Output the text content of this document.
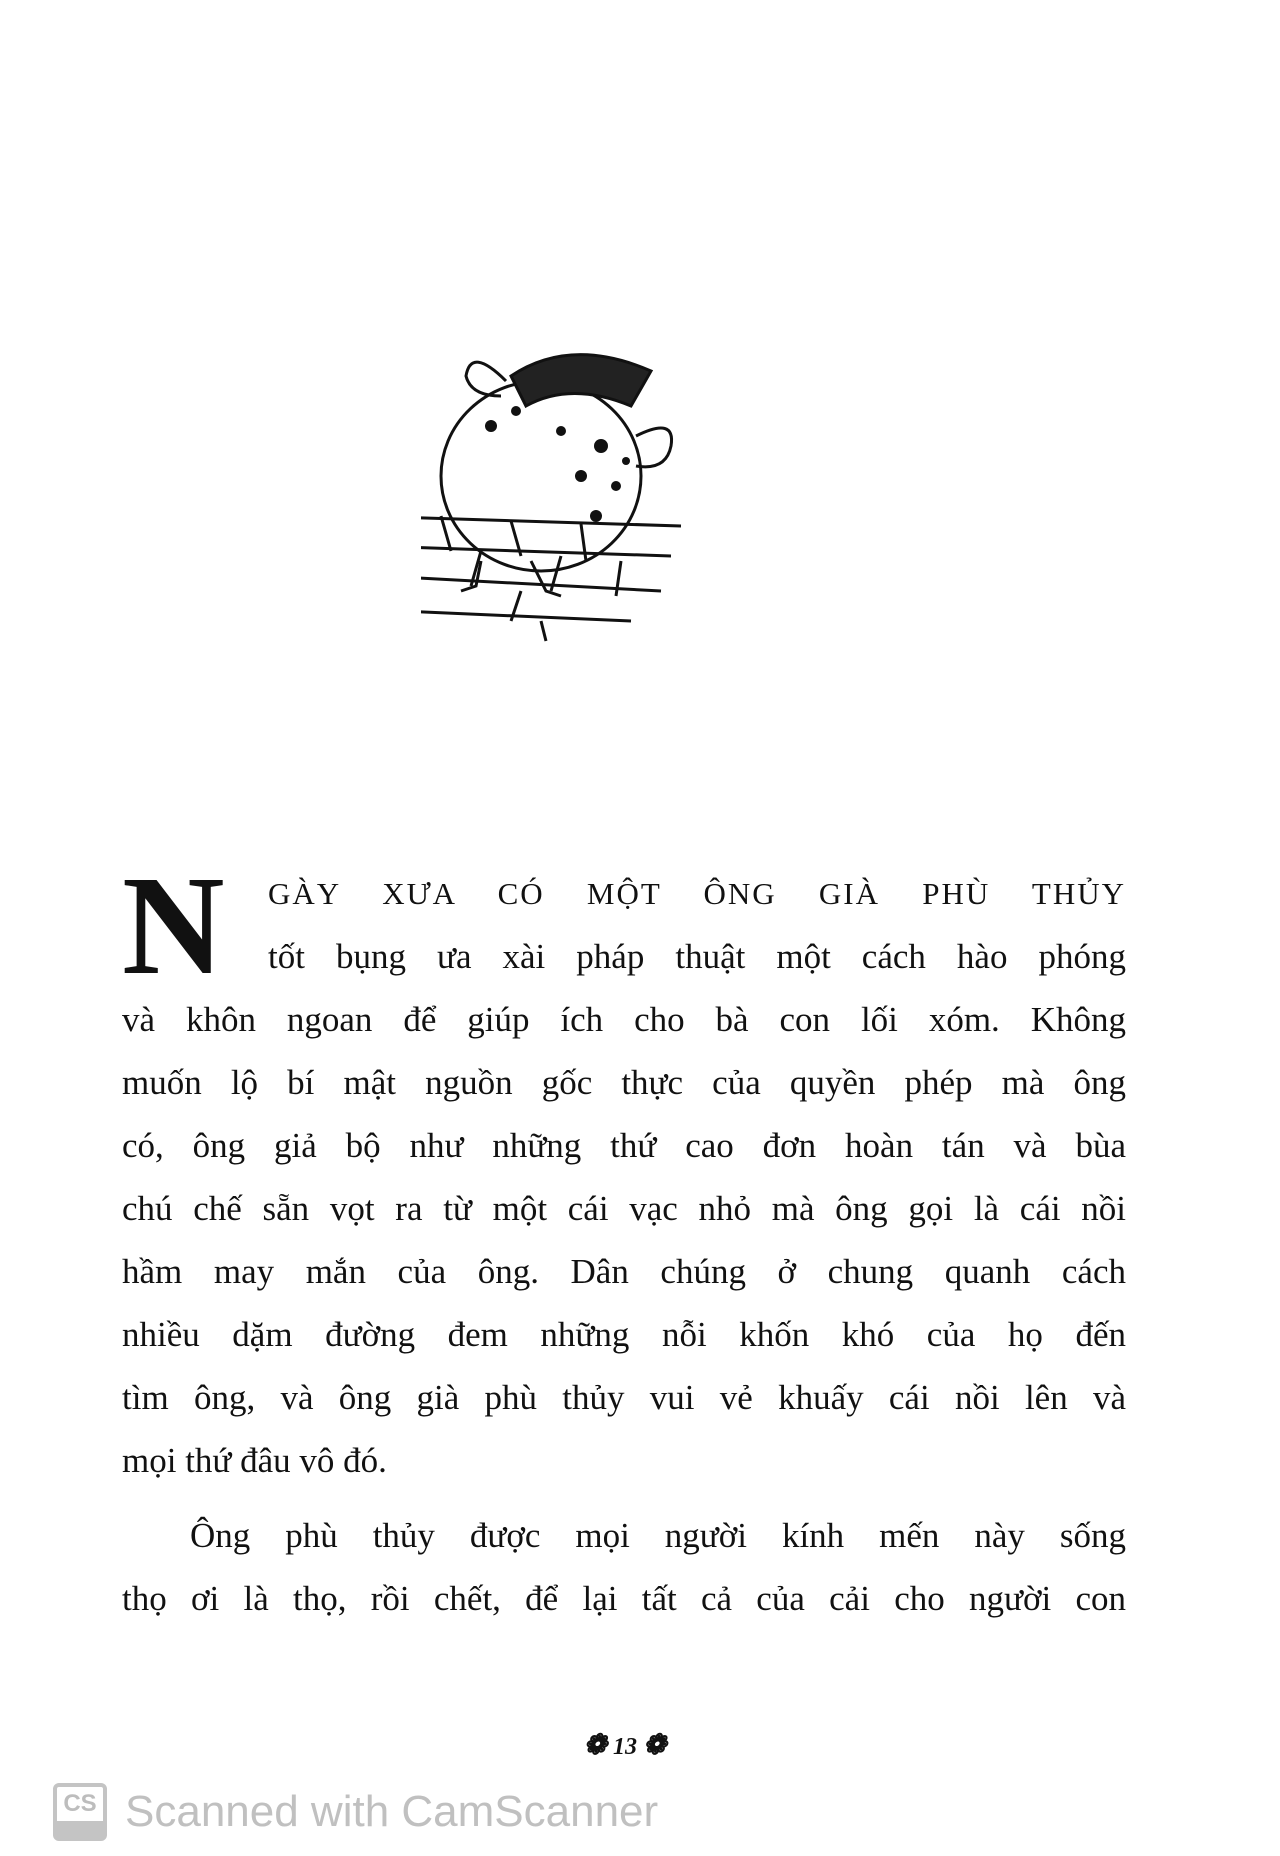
N	GÀY XƯA CÓ MỘT ÔNG GIÀ PHÙ THỦY
tốt bụng ưa xài pháp thuật một cách hào phóng
và khôn ngoan để giúp ích cho bà con lối xóm. Không
muốn lộ bí mật nguồn gốc thực của quyền phép mà ông
có, ông giả bộ như những thứ cao đơn hoàn tán và bùa
chú chế sẵn vọt ra từ một cái vạc nhỏ mà ông gọi là cái nồi
hầm may mắn của ông. Dân chúng ở chung quanh cách
nhiều dặm đường đem những nỗi khốn khó của họ đến
tìm ông, và ông già phù thủy vui vẻ khuấy cái nồi lên và
mọi thứ đâu vô đó.
Ông phù thủy được mọi người kính mến này sống
thọ ơi là thọ, rồi chết, để lại tất cả của cải cho người con
❁ 13 ❁
CS Scanned with CamScanner
